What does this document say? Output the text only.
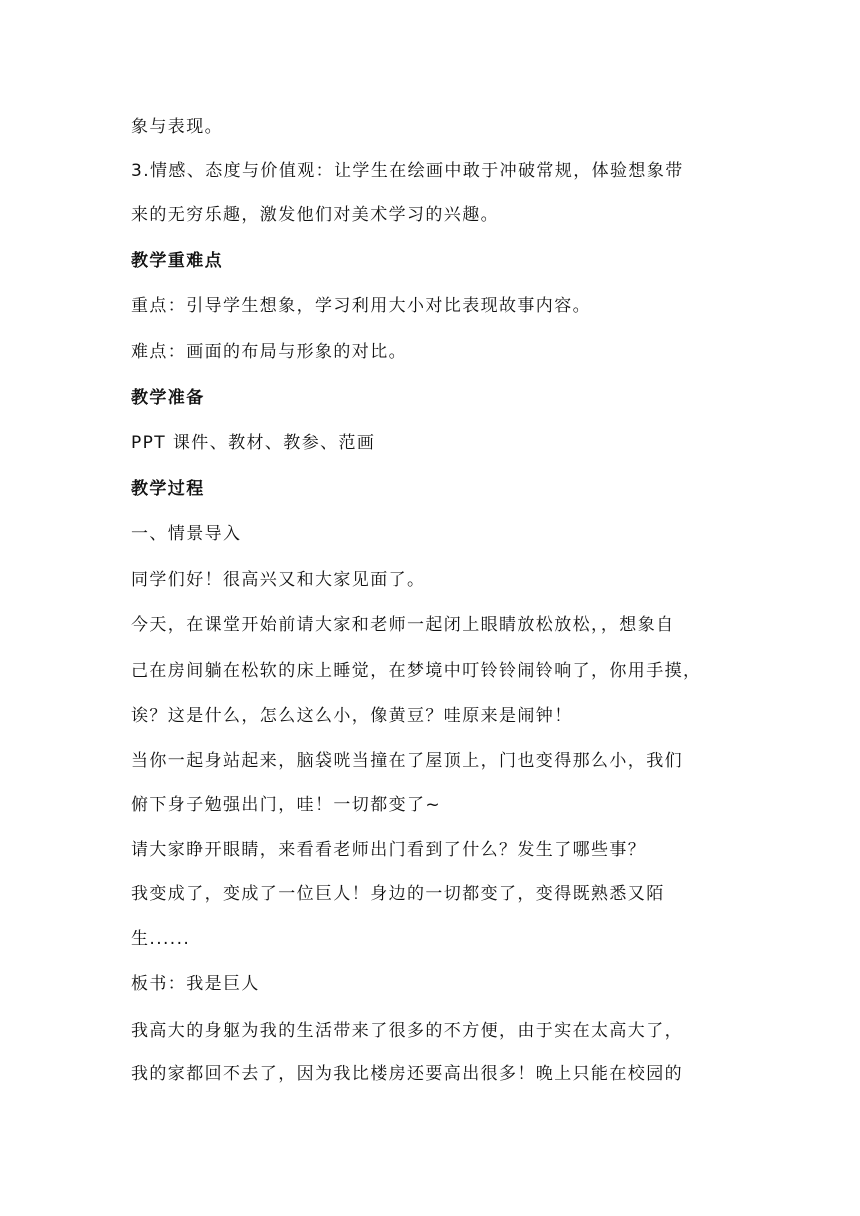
象与表现。
3.情感、态度与价值观：让学生在绘画中敢于冲破常规，体验想象带
来的无穷乐趣，激发他们对美术学习的兴趣。
教学重难点
重点：引导学生想象，学习利用大小对比表现故事内容。
难点：画面的布局与形象的对比。
教学准备
PPT 课件、教材、教参、范画
教学过程
一、情景导入
同学们好！很高兴又和大家见面了。
今天，在课堂开始前请大家和老师一起闭上眼睛放松放松，，想象自
己在房间躺在松软的床上睡觉，在梦境中叮铃铃闹铃响了，你用手摸，
诶？这是什么，怎么这么小，像黄豆？哇原来是闹钟！
当你一起身站起来，脑袋咣当撞在了屋顶上，门也变得那么小，我们
俯下身子勉强出门，哇！一切都变了~
请大家睁开眼睛，来看看老师出门看到了什么？发生了哪些事？
我变成了，变成了一位巨人！身边的一切都变了，变得既熟悉又陌
生......
板书：我是巨人
我高大的身躯为我的生活带来了很多的不方便，由于实在太高大了，
我的家都回不去了，因为我比楼房还要高出很多！晚上只能在校园的
